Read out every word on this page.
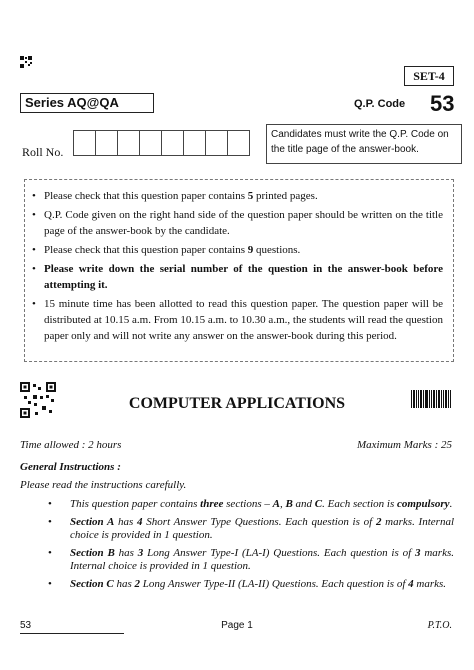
SET-4
Series AQ@QA	Q.P. Code 53
Roll No.
Candidates must write the Q.P. Code on the title page of the answer-book.
• Please check that this question paper contains 5 printed pages.
• Q.P. Code given on the right hand side of the question paper should be written on the title page of the answer-book by the candidate.
• Please check that this question paper contains 9 questions.
• Please write down the serial number of the question in the answer-book before attempting it.
• 15 minute time has been allotted to read this question paper. The question paper will be distributed at 10.15 a.m. From 10.15 a.m. to 10.30 a.m., the students will read the question paper only and will not write any answer on the answer-book during this period.
COMPUTER APPLICATIONS
Time allowed : 2 hours	Maximum Marks : 25
General Instructions :
Please read the instructions carefully.
• This question paper contains three sections – A, B and C. Each section is compulsory.
• Section A has 4 Short Answer Type Questions. Each question is of 2 marks. Internal choice is provided in 1 question.
• Section B has 3 Long Answer Type-I (LA-I) Questions. Each question is of 3 marks. Internal choice is provided in 1 question.
• Section C has 2 Long Answer Type-II (LA-II) Questions. Each question is of 4 marks.
53	Page 1	P.T.O.
